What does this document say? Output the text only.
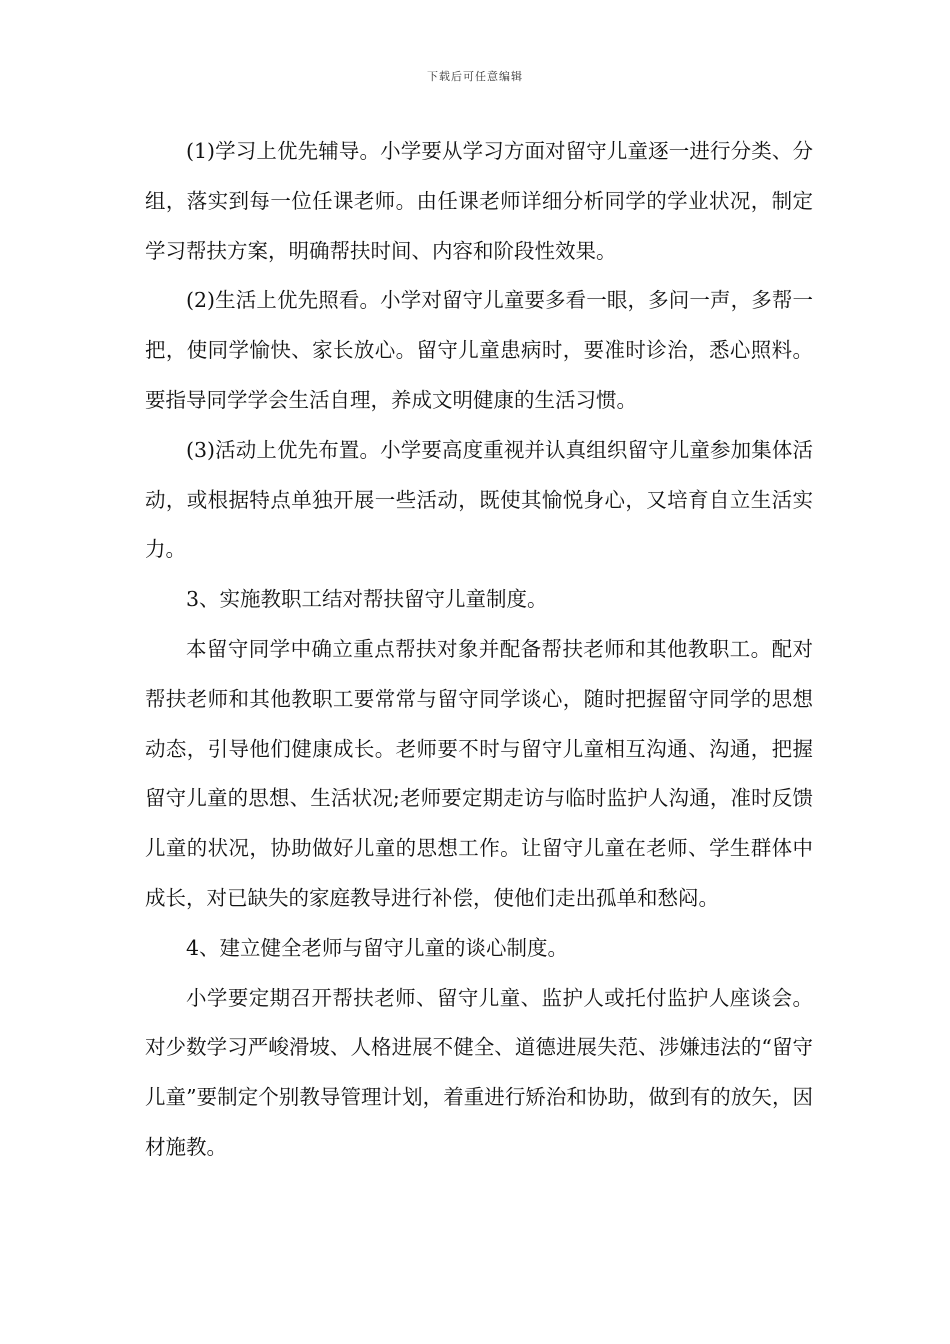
下载后可任意编辑

(1)学习上优先辅导。小学要从学习方面对留守儿童逐一进行分类、分组，落实到每一位任课老师。由任课老师详细分析同学的学业状况，制定学习帮扶方案，明确帮扶时间、内容和阶段性效果。

(2)生活上优先照看。小学对留守儿童要多看一眼，多问一声，多帮一把，使同学愉快、家长放心。留守儿童患病时，要准时诊治，悉心照料。要指导同学学会生活自理，养成文明健康的生活习惯。

(3)活动上优先布置。小学要高度重视并认真组织留守儿童参加集体活动，或根据特点单独开展一些活动，既使其愉悦身心，又培育自立生活实力。

3、实施教职工结对帮扶留守儿童制度。

本留守同学中确立重点帮扶对象并配备帮扶老师和其他教职工。配对帮扶老师和其他教职工要常常与留守同学谈心，随时把握留守同学的思想动态，引导他们健康成长。老师要不时与留守儿童相互沟通、沟通，把握留守儿童的思想、生活状况;老师要定期走访与临时监护人沟通，准时反馈儿童的状况，协助做好儿童的思想工作。让留守儿童在老师、学生群体中成长，对已缺失的家庭教导进行补偿，使他们走出孤单和愁闷。

4、建立健全老师与留守儿童的谈心制度。

小学要定期召开帮扶老师、留守儿童、监护人或托付监护人座谈会。对少数学习严峻滑坡、人格进展不健全、道德进展失范、涉嫌违法的“留守儿童”要制定个别教导管理计划，着重进行矫治和协助，做到有的放矢，因材施教。
